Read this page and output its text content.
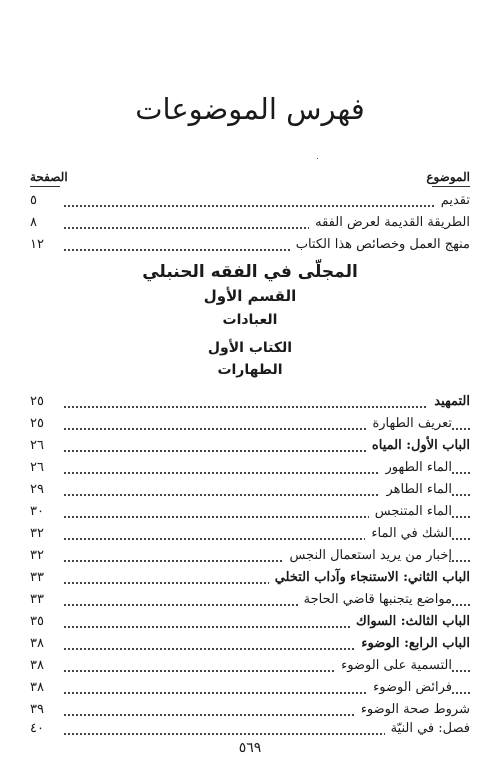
فهرس الموضوعات
الموضوع
الصفحة
٥	تقديم
٨	الطريقة القديمة لعرض الفقه
١٢	منهج العمل وخصائص هذا الكتاب
المجلّى في الفقه الحنبلي
القسم الأول
العبادات
الكتاب الأول
الطهارات
٢٥	التمهيد
٢٥	تعريف الطهارة
٢٦	الباب الأول: المياه
٢٦	الماء الطهور
٢٩	الماء الطاهر
٣٠	الماء المتنجس
٣٢	الشك في الماء
٣٢	إخبار من يريد استعمال النجس
٣٣	الباب الثاني: الاستنجاء وآداب التخلي
٣٣	مواضع يتجنبها قاضي الحاجة
٣٥	الباب الثالث: السواك
٣٨	الباب الرابع: الوضوء
٣٨	التسمية على الوضوء
٣٨	فرائض الوضوء
٣٩	شروط صحة الوضوء
٤٠	فصل: في النيّة
٥٦٩
